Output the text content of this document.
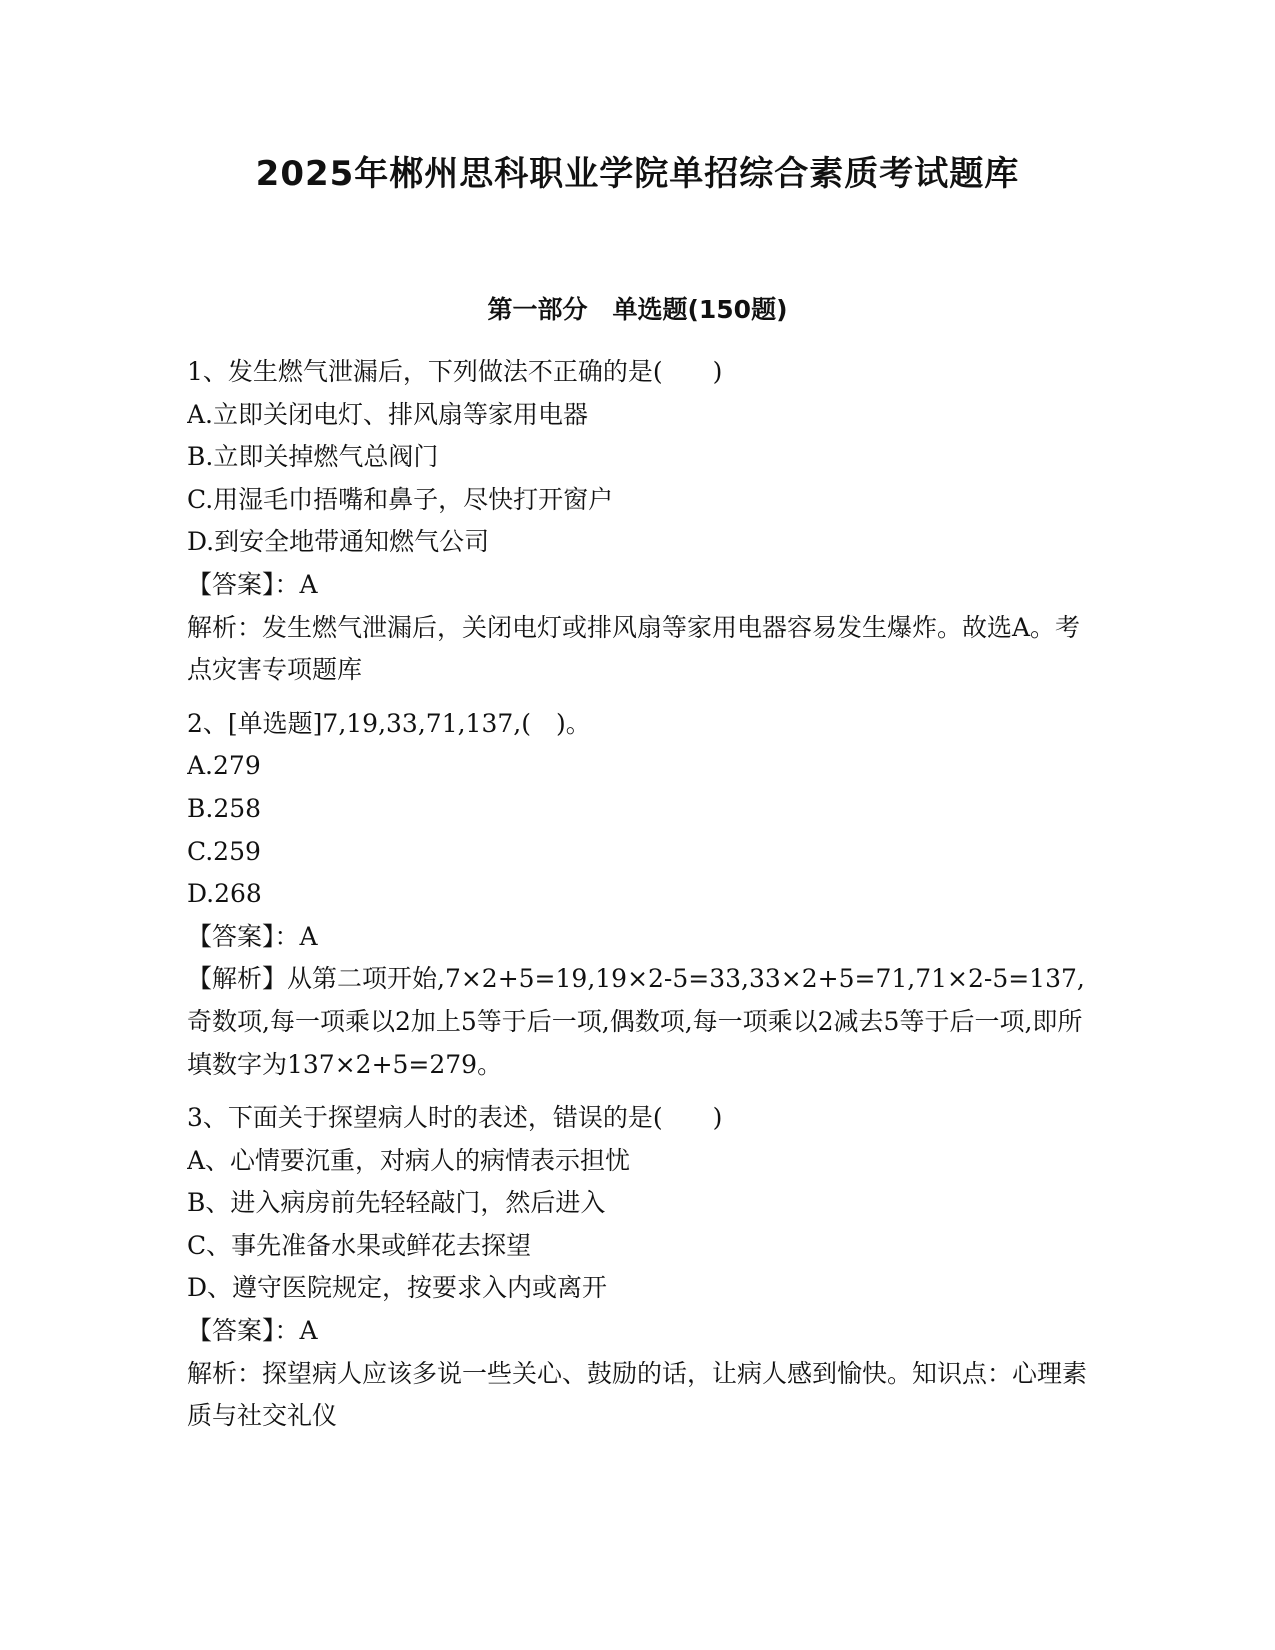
2025年郴州思科职业学院单招综合素质考试题库
第一部分　单选题(150题)
1、发生燃气泄漏后，下列做法不正确的是(　　)
A.立即关闭电灯、排风扇等家用电器
B.立即关掉燃气总阀门
C.用湿毛巾捂嘴和鼻子，尽快打开窗户
D.到安全地带通知燃气公司
【答案】：A
解析：发生燃气泄漏后，关闭电灯或排风扇等家用电器容易发生爆炸。故选A。考点灾害专项题库
2、[单选题]7,19,33,71,137,(　)。
A.279
B.258
C.259
D.268
【答案】：A
【解析】从第二项开始,7×2+5=19,19×2-5=33,33×2+5=71,71×2-5=137,奇数项,每一项乘以2加上5等于后一项,偶数项,每一项乘以2减去5等于后一项,即所填数字为137×2+5=279。
3、下面关于探望病人时的表述，错误的是(　　)
A、心情要沉重，对病人的病情表示担忧
B、进入病房前先轻轻敲门，然后进入
C、事先准备水果或鲜花去探望
D、遵守医院规定，按要求入内或离开
【答案】：A
解析：探望病人应该多说一些关心、鼓励的话，让病人感到愉快。知识点：心理素质与社交礼仪
